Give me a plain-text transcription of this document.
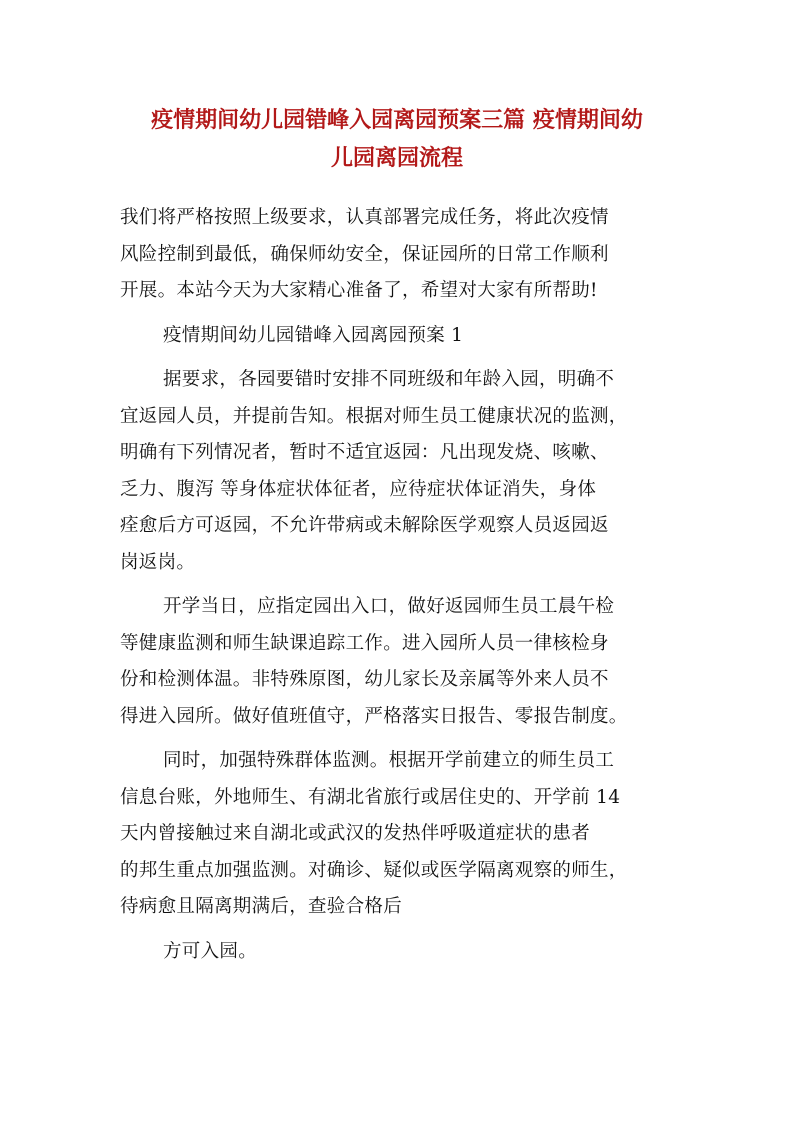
疫情期间幼儿园错峰入园离园预案三篇 疫情期间幼
儿园离园流程
我们将严格按照上级要求，认真部署完成任务，将此次疫情
风险控制到最低，确保师幼安全，保证园所的日常工作顺利
开展。本站今天为大家精心准备了，希望对大家有所帮助!
疫情期间幼儿园错峰入园离园预案 1
据要求，各园要错时安排不同班级和年龄入园，明确不
宜返园人员，并提前告知。根据对师生员工健康状况的监测，
明确有下列情况者，暂时不适宜返园：凡出现发烧、咳嗽、
乏力、腹泻 等身体症状体征者，应待症状体证消失，身体
痊愈后方可返园，不允许带病或未解除医学观察人员返园返
岗返岗。
开学当日，应指定园出入口，做好返园师生员工晨午检
等健康监测和师生缺课追踪工作。进入园所人员一律核检身
份和检测体温。非特殊原图，幼儿家长及亲属等外来人员不
得进入园所。做好值班值守，严格落实日报告、零报告制度。
同时，加强特殊群体监测。根据开学前建立的师生员工
信息台账，外地师生、有湖北省旅行或居住史的、开学前 14
天内曾接触过来自湖北或武汉的发热伴呼吸道症状的患者
的邦生重点加强监测。对确诊、疑似或医学隔离观察的师生，
待病愈且隔离期满后，查验合格后
方可入园。
